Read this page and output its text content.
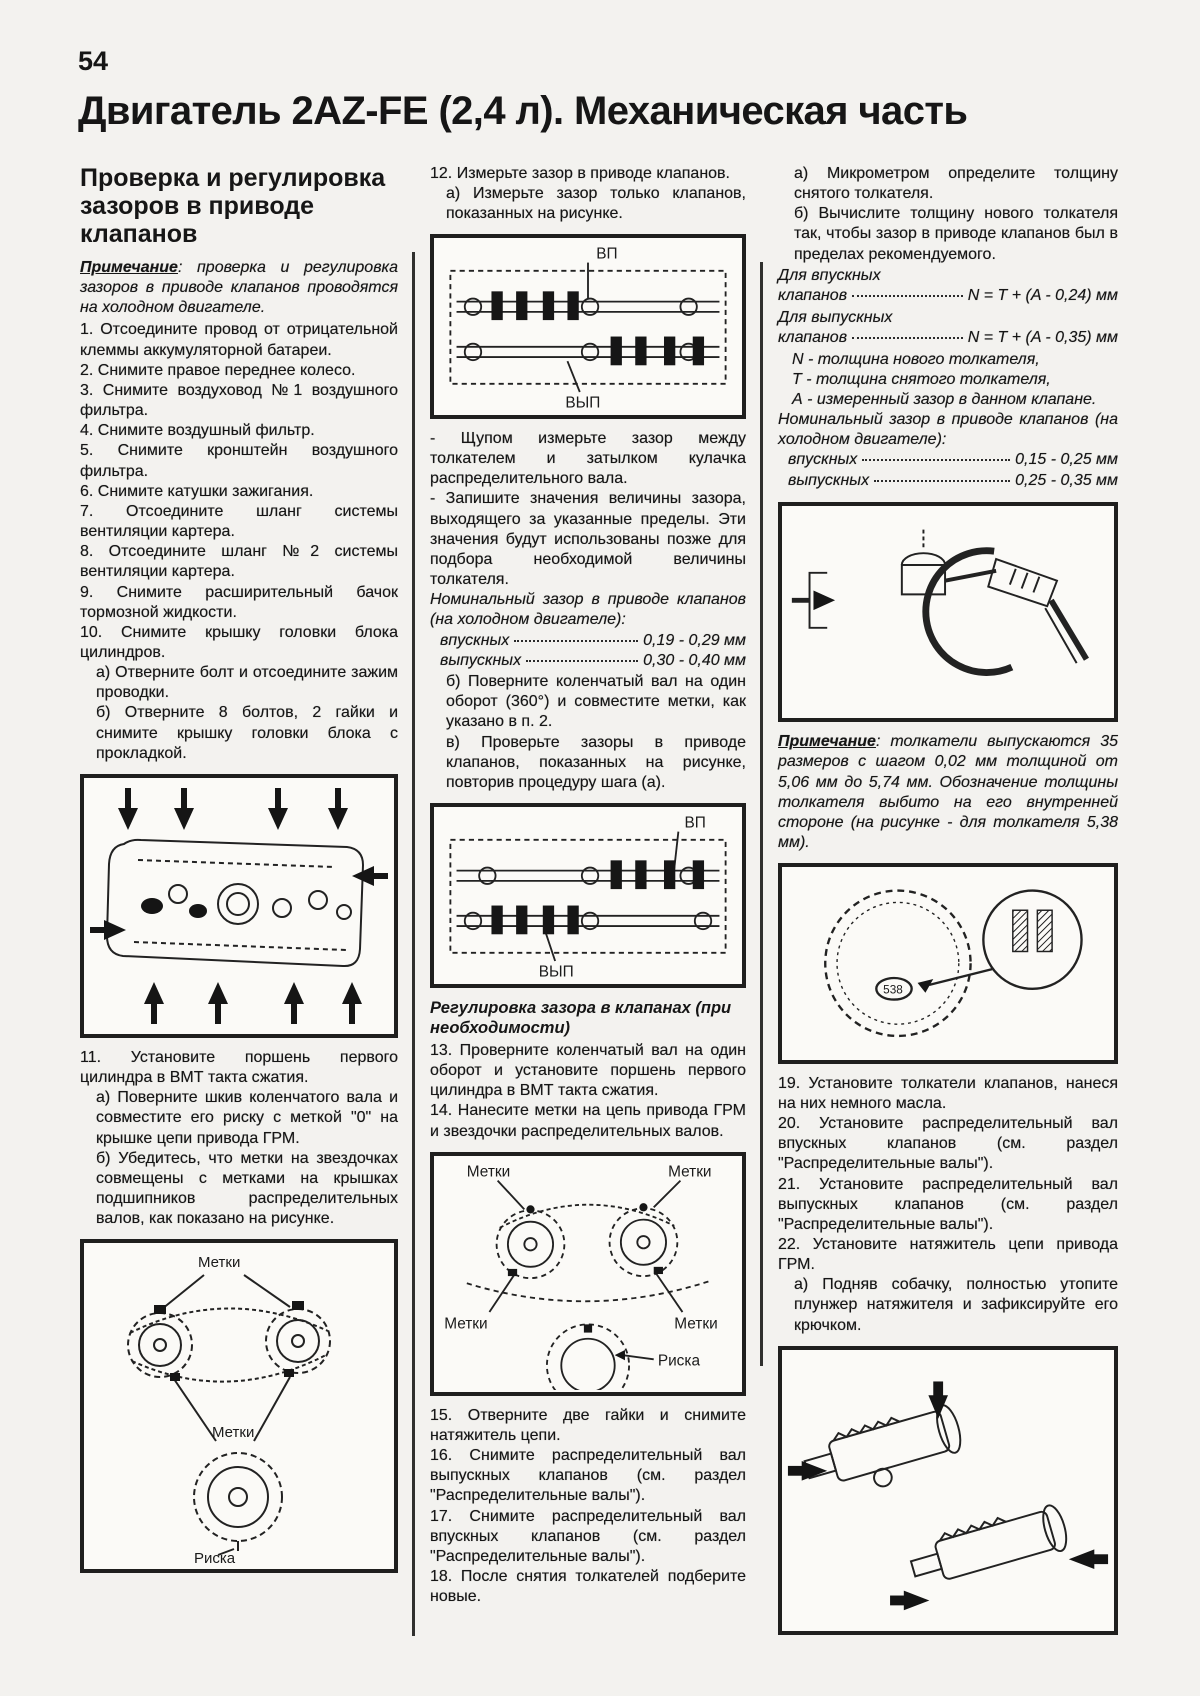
54
Двигатель 2AZ-FE (2,4 л). Механическая часть
Проверка и регулировка зазоров в приводе клапанов

Примечание: проверка и регулировка зазоров в приводе клапанов проводятся на холодном двигателе.

1. Отсоедините провод от отрицательной клеммы аккумуляторной батареи.

2. Снимите правое переднее колесо.

3. Снимите воздуховод №1 воздушного фильтра.

4. Снимите воздушный фильтр.

5. Снимите кронштейн воздушного фильтра.

6. Снимите катушки зажигания.

7. Отсоедините шланг системы вентиляции картера.

8. Отсоедините шланг №2 системы вентиляции картера.

9. Снимите расширительный бачок тормозной жидкости.

10. Снимите крышку головки блока цилиндров.

а) Отверните болт и отсоедините зажим проводки.

б) Отверните 8 болтов, 2 гайки и снимите крышку головки блока с прокладкой.

11. Установите поршень первого цилиндра в ВМТ такта сжатия.

а) Поверните шкив коленчатого вала и совместите его риску с меткой "0" на крышке цепи привода ГРМ.

б) Убедитесь, что метки на звездочках совмещены с метками на крышках подшипников распределительных валов, как показано на рисунке.

Метки
Метки
Риска

12. Измерьте зазор в приводе клапанов.

а) Измерьте зазор только клапанов, показанных на рисунке.

ВП
ВЫП

- Щупом измерьте зазор между толкателем и затылком кулачка распределительного вала.

- Запишите значения величины зазора, выходящего за указанные пределы. Эти значения будут использованы позже для подбора необходимой величины толкателя.

Номинальный зазор в приводе клапанов (на холодном двигателе):

впускных	0,19 - 0,29 мм
выпускных	0,30 - 0,40 мм

б) Поверните коленчатый вал на один оборот (360°) и совместите метки, как указано в п. 2.

в) Проверьте зазоры в приводе клапанов, показанных на рисунке, повторив процедуру шага (а).

ВП
ВЫП

Регулировка зазора в клапанах (при необходимости)

13. Проверните коленчатый вал на один оборот и установите поршень первого цилиндра в ВМТ такта сжатия.

14. Нанесите метки на цепь привода ГРМ и звездочки распределительных валов.

Метки	Метки
Метки	Метки
Риска

15. Отверните две гайки и снимите натяжитель цепи.

16. Снимите распределительный вал выпускных клапанов (см. раздел "Распределительные валы").

17. Снимите распределительный вал впускных клапанов (см. раздел "Распределительные валы").

18. После снятия толкателей подберите новые.

а) Микрометром определите толщину снятого толкателя.

б) Вычислите толщину нового толкателя так, чтобы зазор в приводе клапанов был в пределах рекомендуемого.

Для впускных

клапанов	N = T + (A - 0,24) мм

Для выпускных

клапанов	N = T + (A - 0,35) мм

N - толщина нового толкателя,

Т - толщина снятого толкателя,

А - измеренный зазор в данном клапане.

Номинальный зазор в приводе клапанов (на холодном двигателе):

впускных	0,15 - 0,25 мм
выпускных	0,25 - 0,35 мм

Примечание: толкатели выпускаются 35 размеров с шагом 0,02 мм толщиной от 5,06 мм до 5,74 мм. Обозначение толщины толкателя выбито на его внутренней стороне (на рисунке - для толкателя 5,38 мм).

538

19. Установите толкатели клапанов, нанеся на них немного масла.

20. Установите распределительный вал впускных клапанов (см. раздел "Распределительные валы").

21. Установите распределительный вал выпускных клапанов (см. раздел "Распределительные валы").

22. Установите натяжитель цепи привода ГРМ.

а) Подняв собачку, полностью утопите плунжер натяжителя и зафиксируйте его крючком.
